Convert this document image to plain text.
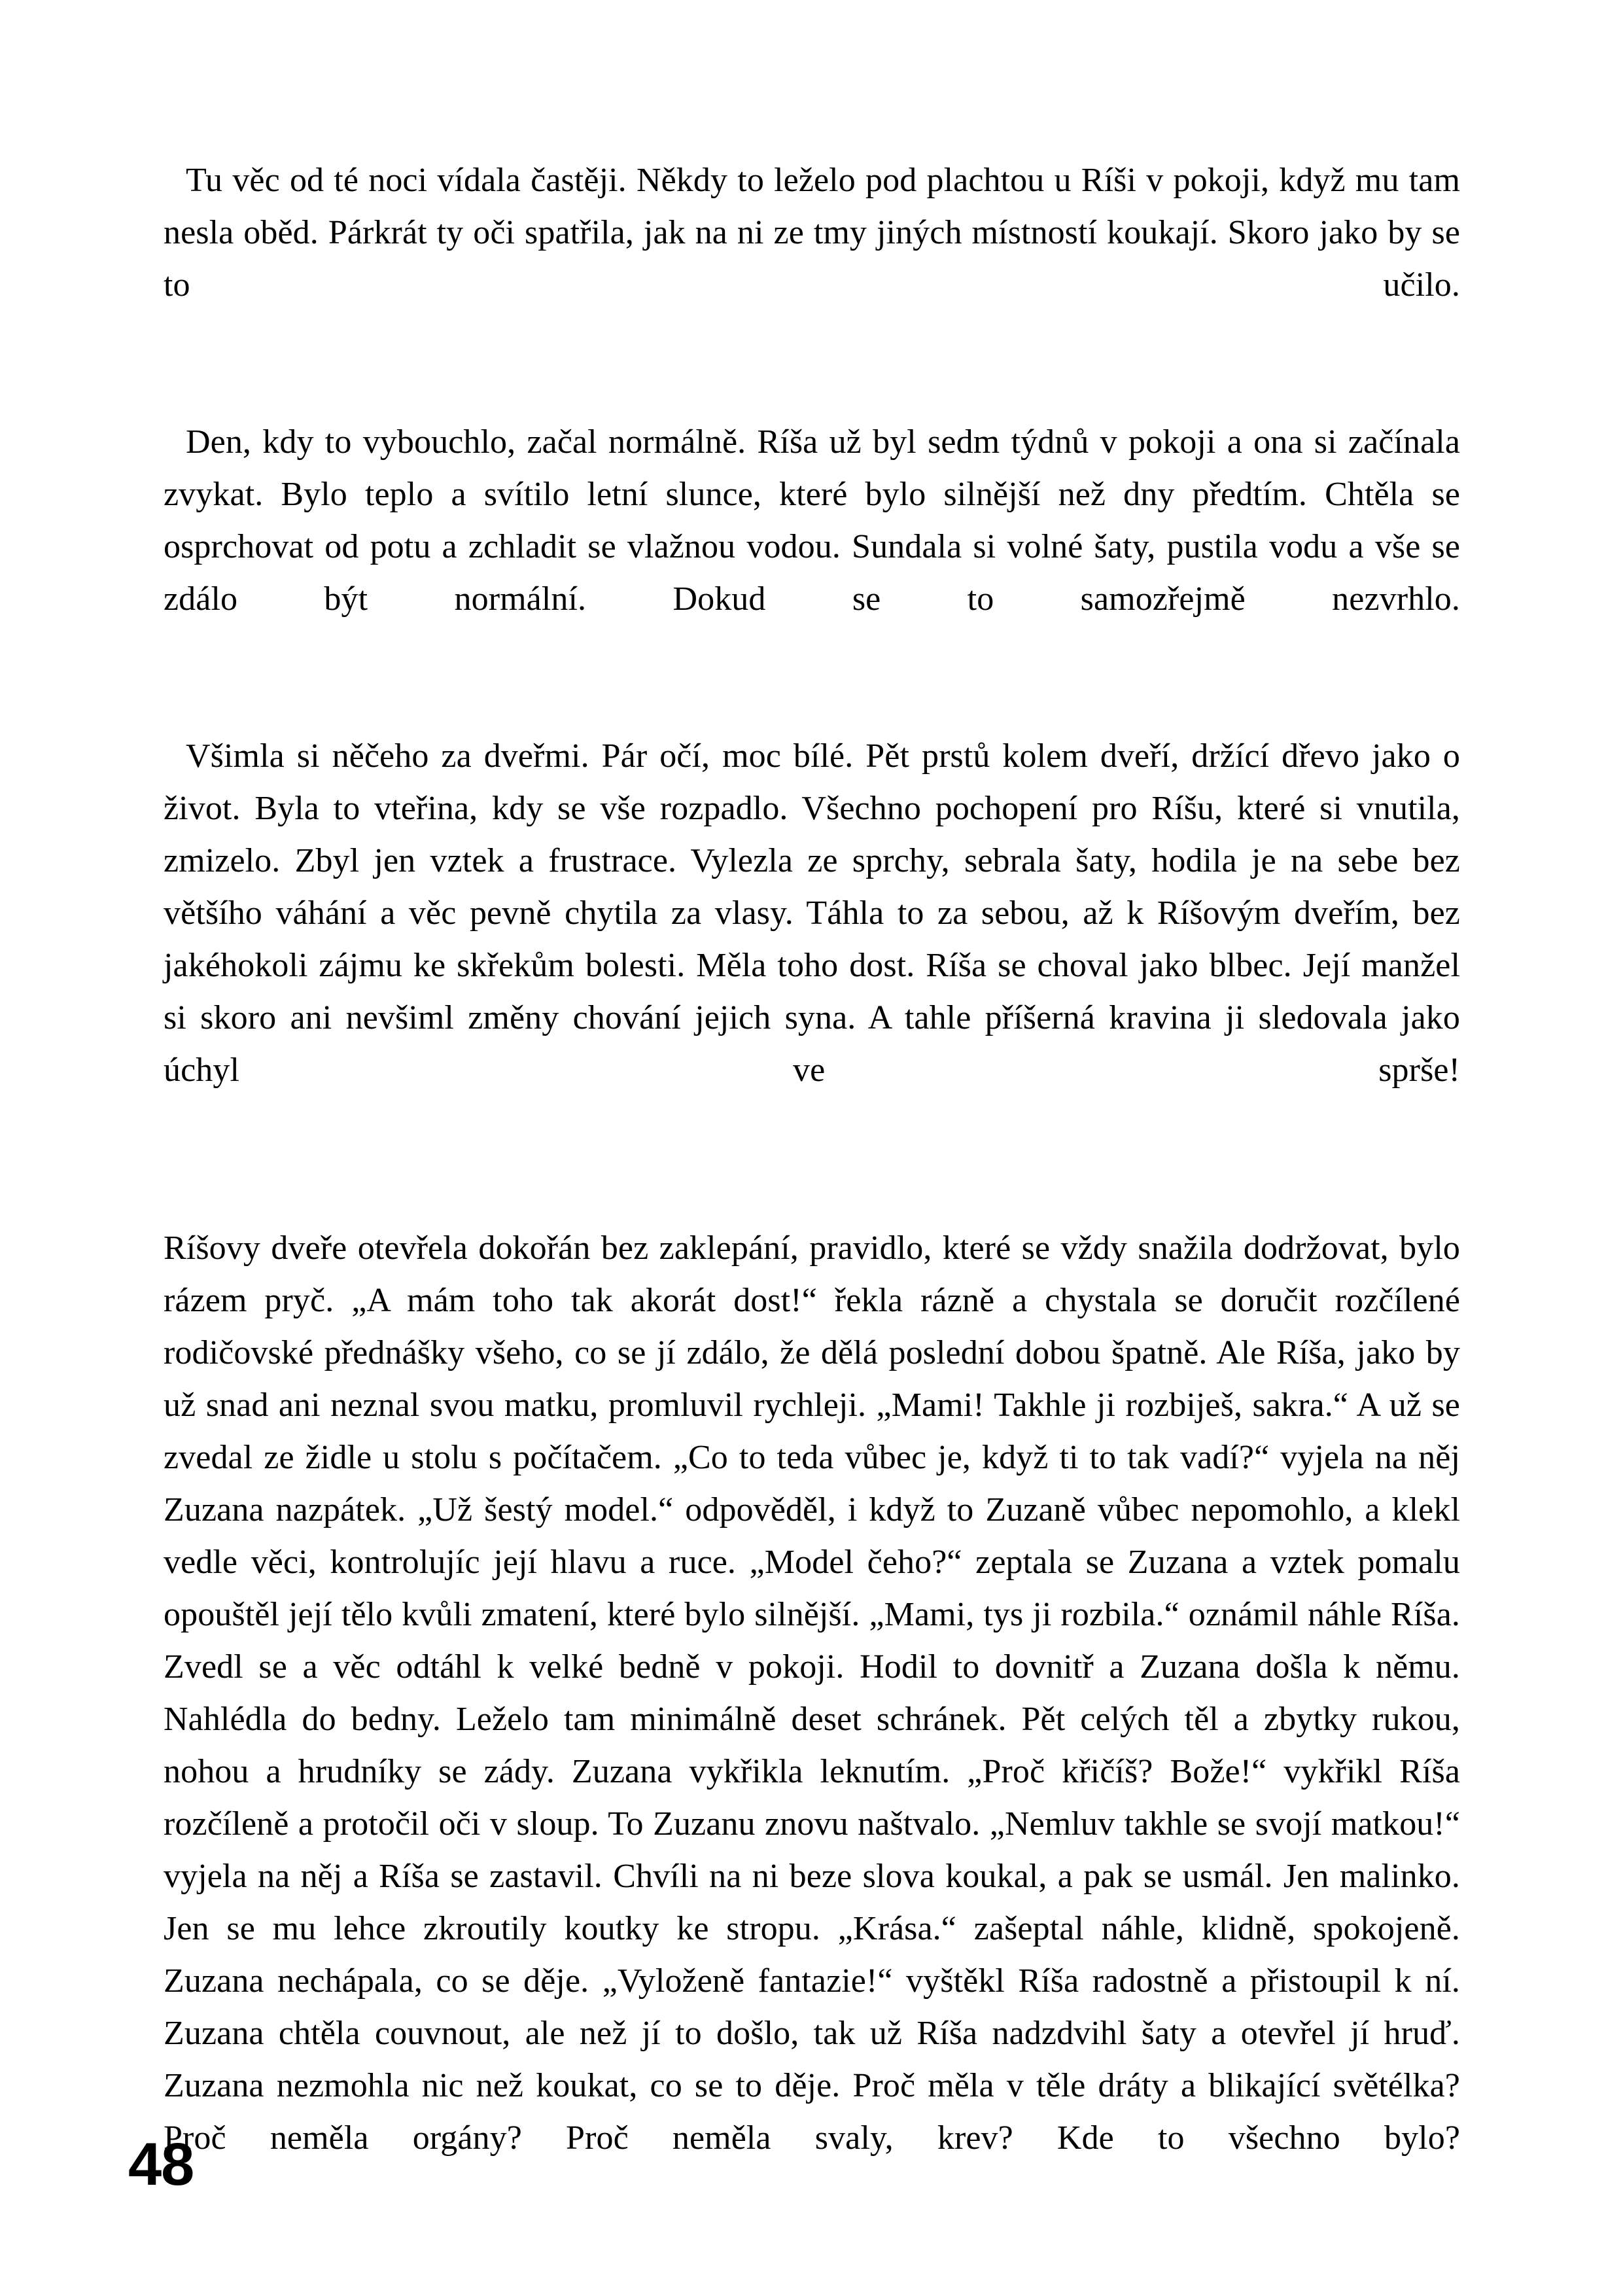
Tu věc od té noci vídala častěji. Někdy to leželo pod plachtou u Ríši v pokoji, když mu tam nesla oběd. Párkrát ty oči spatřila, jak na ni ze tmy jiných místností koukají. Skoro jako by se to učilo.

Den, kdy to vybouchlo, začal normálně. Ríša už byl sedm týdnů v pokoji a ona si začínala zvykat. Bylo teplo a svítilo letní slunce, které bylo silnější než dny předtím. Chtěla se osprchovat od potu a zchladit se vlažnou vodou. Sundala si volné šaty, pustila vodu a vše se zdálo být normální. Dokud se to samozřejmě nezvrhlo.

Všimla si něčeho za dveřmi. Pár očí, moc bílé. Pět prstů kolem dveří, držící dřevo jako o život. Byla to vteřina, kdy se vše rozpadlo. Všechno pochopení pro Ríšu, které si vnutila, zmizelo. Zbyl jen vztek a frustrace. Vylezla ze sprchy, sebrala šaty, hodila je na sebe bez většího váhání a věc pevně chytila za vlasy. Táhla to za sebou, až k Ríšovým dveřím, bez jakéhokoli zájmu ke skřekům bolesti. Měla toho dost. Ríša se choval jako blbec. Její manžel si skoro ani nevšiml změny chování jejich syna. A tahle příšerná kravina ji sledovala jako úchyl ve sprše!

Ríšovy dveře otevřela dokořán bez zaklepání, pravidlo, které se vždy snažila dodržovat, bylo rázem pryč. „A mám toho tak akorát dost!“ řekla rázně a chystala se doručit rozčílené rodičovské přednášky všeho, co se jí zdálo, že dělá poslední dobou špatně. Ale Ríša, jako by už snad ani neznal svou matku, promluvil rychleji. „Mami! Takhle ji rozbiješ, sakra.“ A už se zvedal ze židle u stolu s počítačem. „Co to teda vůbec je, když ti to tak vadí?“ vyjela na něj Zuzana nazpátek. „Už šestý model.“ odpověděl, i když to Zuzaně vůbec nepomohlo, a klekl vedle věci, kontrolujíc její hlavu a ruce. „Model čeho?“ zeptala se Zuzana a vztek pomalu opouštěl její tělo kvůli zmatení, které bylo silnější. „Mami, tys ji rozbila.“ oznámil náhle Ríša. Zvedl se a věc odtáhl k velké bedně v pokoji. Hodil to dovnitř a Zuzana došla k němu. Nahlédla do bedny. Leželo tam minimálně deset schránek. Pět celých těl a zbytky rukou, nohou a hrudníky se zády. Zuzana vykřikla leknutím. „Proč křičíš? Bože!“ vykřikl Ríša rozčíleně a protočil oči v sloup. To Zuzanu znovu naštvalo. „Nemluv takhle se svojí matkou!“ vyjela na něj a Ríša se zastavil. Chvíli na ni beze slova koukal, a pak se usmál. Jen malinko. Jen se mu lehce zkroutily koutky ke stropu. „Krása.“ zašeptal náhle, klidně, spokojeně. Zuzana nechápala, co se děje. „Vyloženě fantazie!“ vyštěkl Ríša radostně a přistoupil k ní. Zuzana chtěla couvnout, ale než jí to došlo, tak už Ríša nadzdvihl šaty a otevřel jí hruď. Zuzana nezmohla nic než koukat, co se to děje. Proč měla v těle dráty a blikající světélka? Proč neměla orgány? Proč neměla svaly, krev? Kde to všechno bylo?

48
